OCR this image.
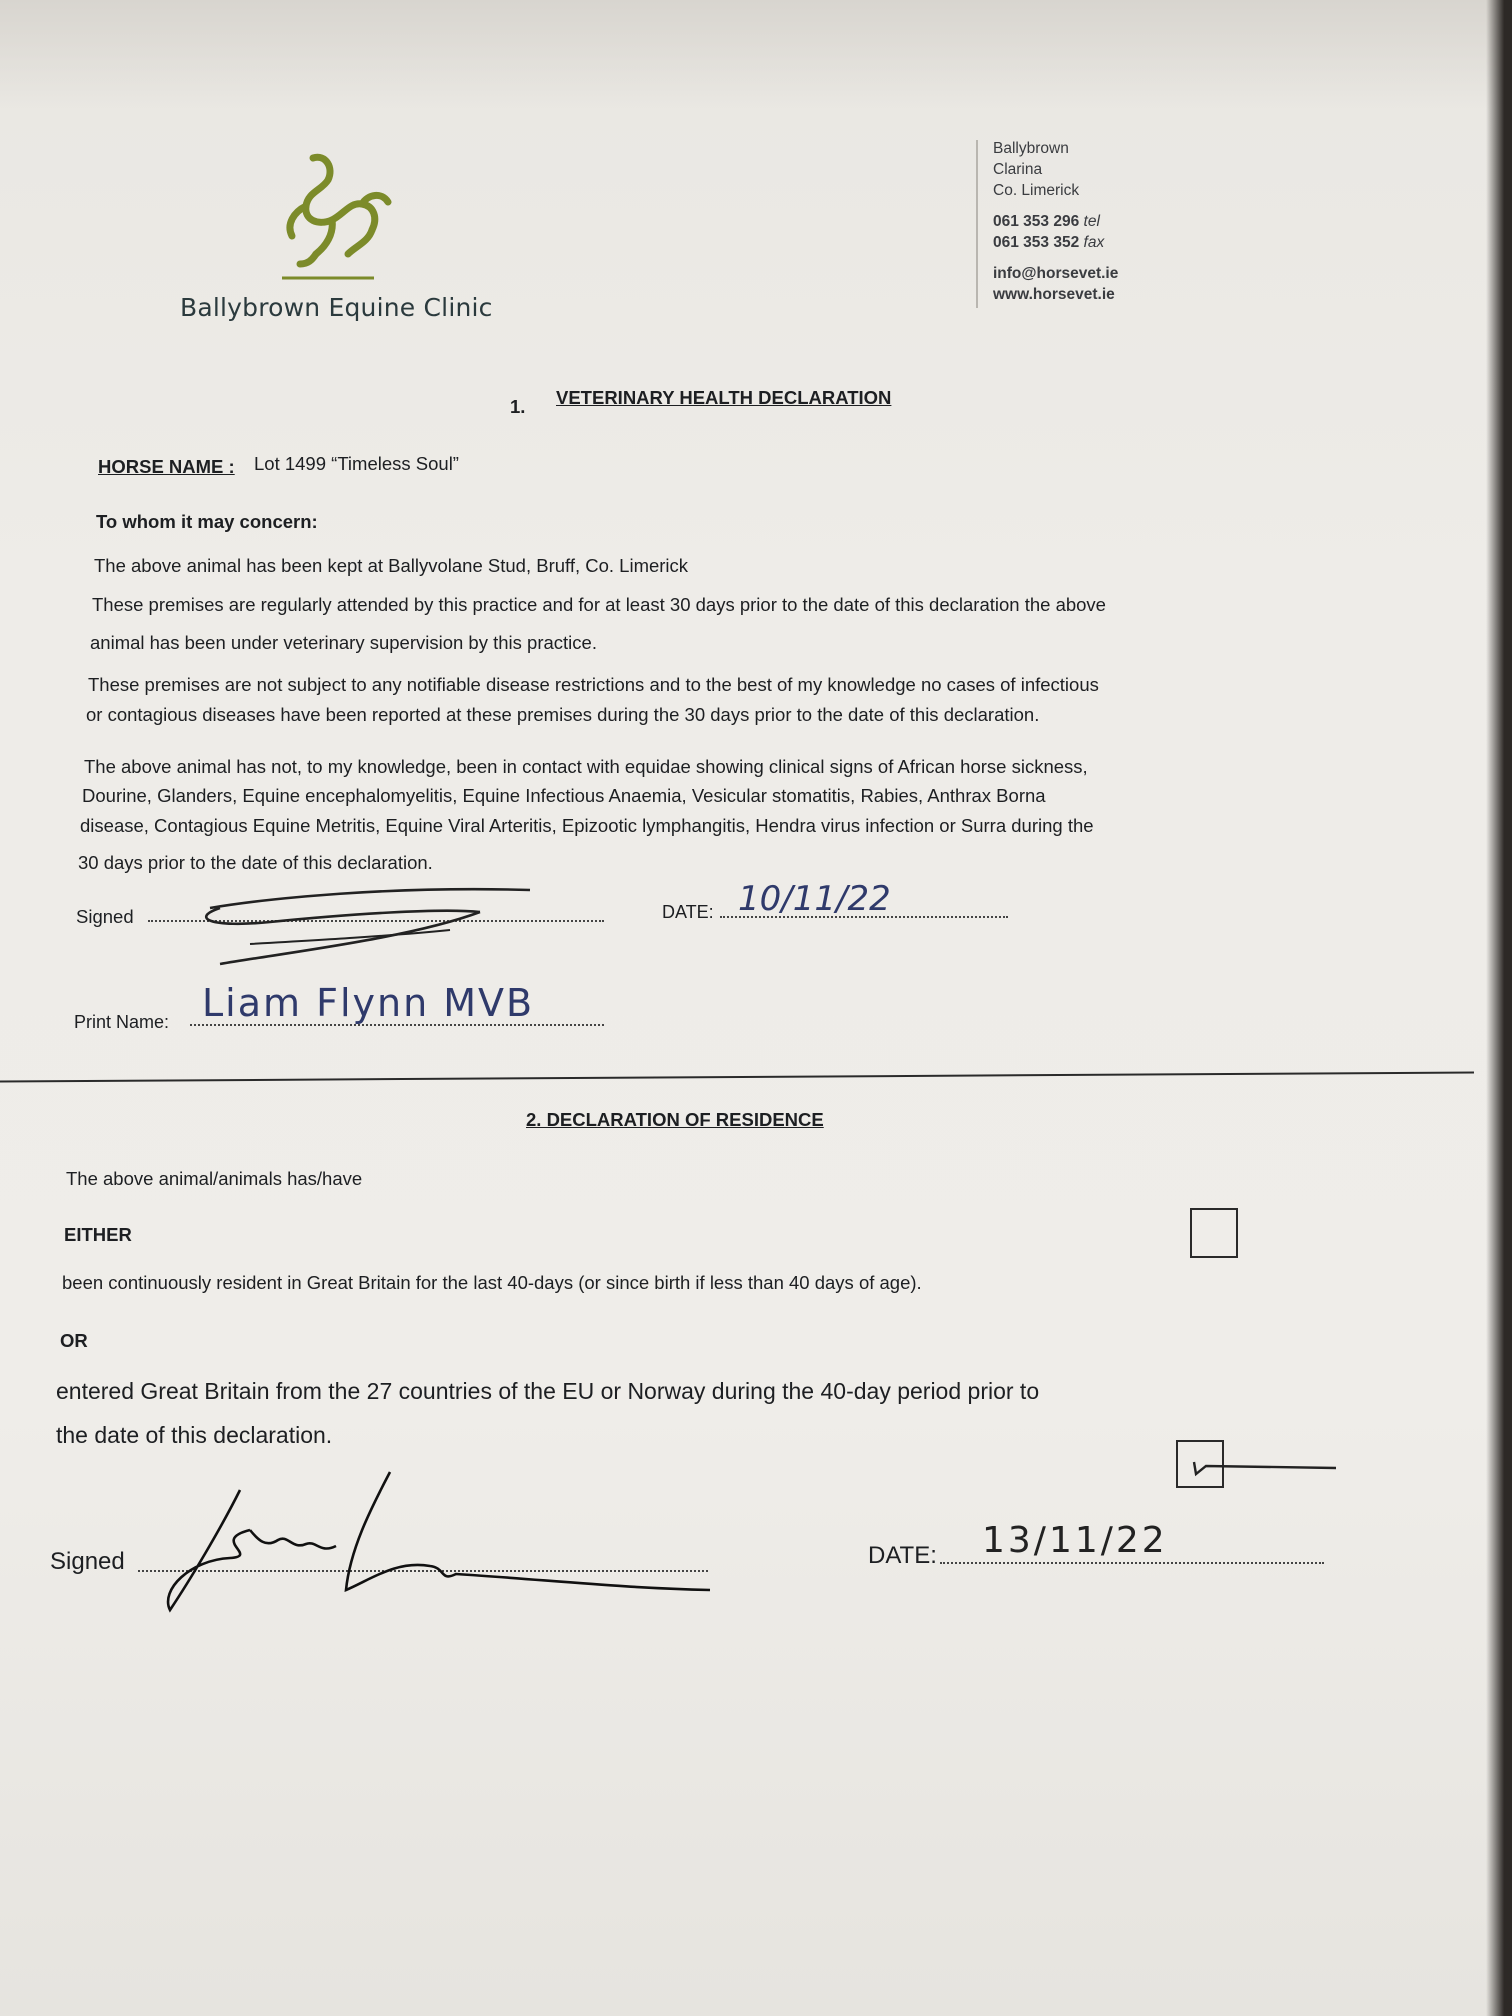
Ballybrown Equine Clinic
Ballybrown
Clarina
Co. Limerick
061 353 296 tel
061 353 352 fax
info@horsevet.ie
www.horsevet.ie
1. VETERINARY HEALTH DECLARATION
HORSE NAME : Lot 1499 “Timeless Soul”
To whom it may concern:
The above animal has been kept at Ballyvolane Stud, Bruff, Co. Limerick
These premises are regularly attended by this practice and for at least 30 days prior to the date of this declaration the above
animal has been under veterinary supervision by this practice.
These premises are not subject to any notifiable disease restrictions and to the best of my knowledge no cases of infectious
or contagious diseases have been reported at these premises during the 30 days prior to the date of this declaration.
The above animal has not, to my knowledge, been in contact with equidae showing clinical signs of African horse sickness,
Dourine, Glanders, Equine encephalomyelitis, Equine Infectious Anaemia, Vesicular stomatitis, Rabies, Anthrax Borna
disease, Contagious Equine Metritis, Equine Viral Arteritis, Epizootic lymphangitis, Hendra virus infection or Surra during the
30 days prior to the date of this declaration.
Signed	DATE: 10/11/22
Print Name: Liam Flynn MVB
2. DECLARATION OF RESIDENCE
The above animal/animals has/have
EITHER
been continuously resident in Great Britain for the last 40-days (or since birth if less than 40 days of age).
OR
entered Great Britain from the 27 countries of the EU or Norway during the 40-day period prior to
the date of this declaration.
Signed	DATE: 13/11/22
